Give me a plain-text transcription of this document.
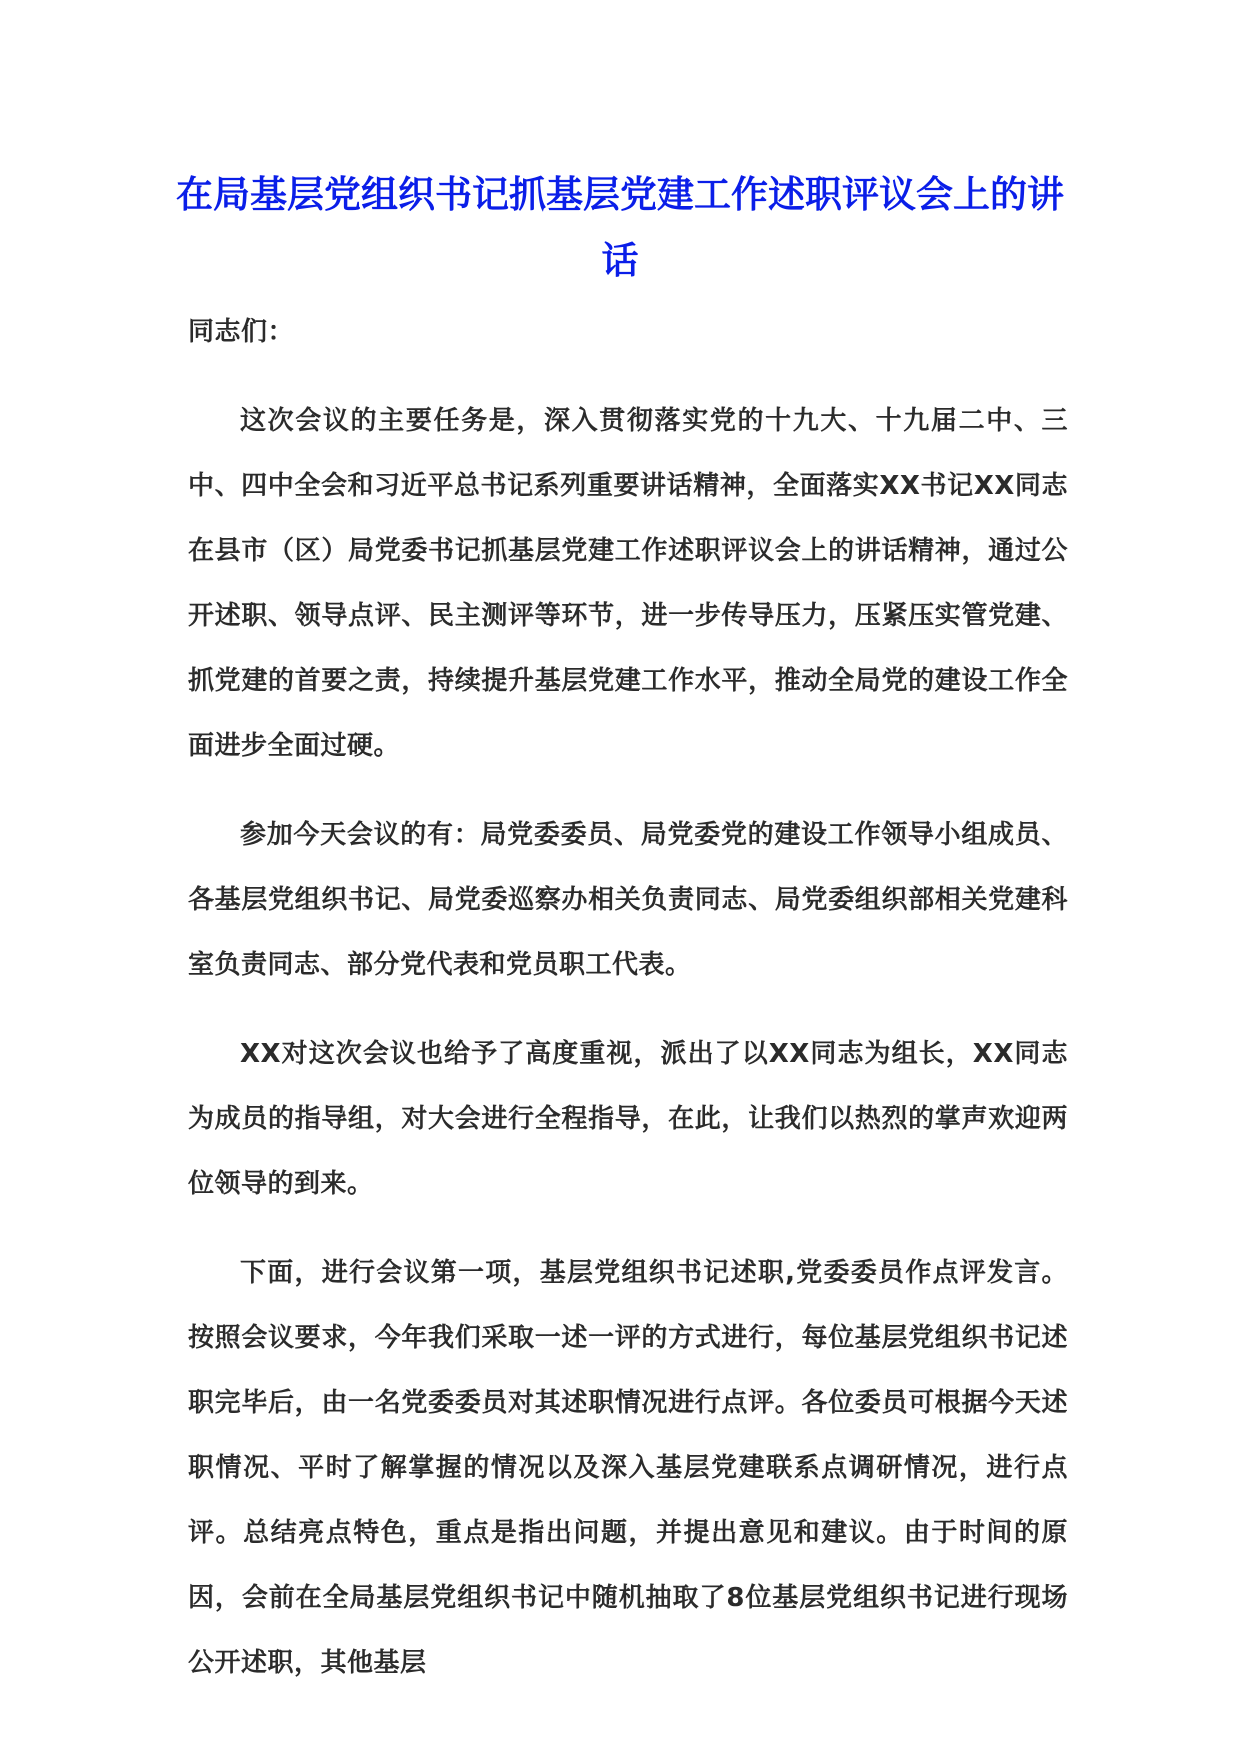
在局基层党组织书记抓基层党建工作述职评议会上的讲话

同志们：

这次会议的主要任务是，深入贯彻落实党的十九大、十九届二中、三中、四中全会和习近平总书记系列重要讲话精神，全面落实XX书记XX同志在县市（区）局党委书记抓基层党建工作述职评议会上的讲话精神，通过公开述职、领导点评、民主测评等环节，进一步传导压力，压紧压实管党建、抓党建的首要之责，持续提升基层党建工作水平，推动全局党的建设工作全面进步全面过硬。

参加今天会议的有：局党委委员、局党委党的建设工作领导小组成员、各基层党组织书记、局党委巡察办相关负责同志、局党委组织部相关党建科室负责同志、部分党代表和党员职工代表。

XX对这次会议也给予了高度重视，派出了以XX同志为组长，XX同志为成员的指导组，对大会进行全程指导，在此，让我们以热烈的掌声欢迎两位领导的到来。

下面，进行会议第一项，基层党组织书记述职,党委委员作点评发言。按照会议要求，今年我们采取一述一评的方式进行，每位基层党组织书记述职完毕后，由一名党委委员对其述职情况进行点评。各位委员可根据今天述职情况、平时了解掌握的情况以及深入基层党建联系点调研情况，进行点评。总结亮点特色，重点是指出问题，并提出意见和建议。由于时间的原因，会前在全局基层党组织书记中随机抽取了8位基层党组织书记进行现场公开述职，其他基层
